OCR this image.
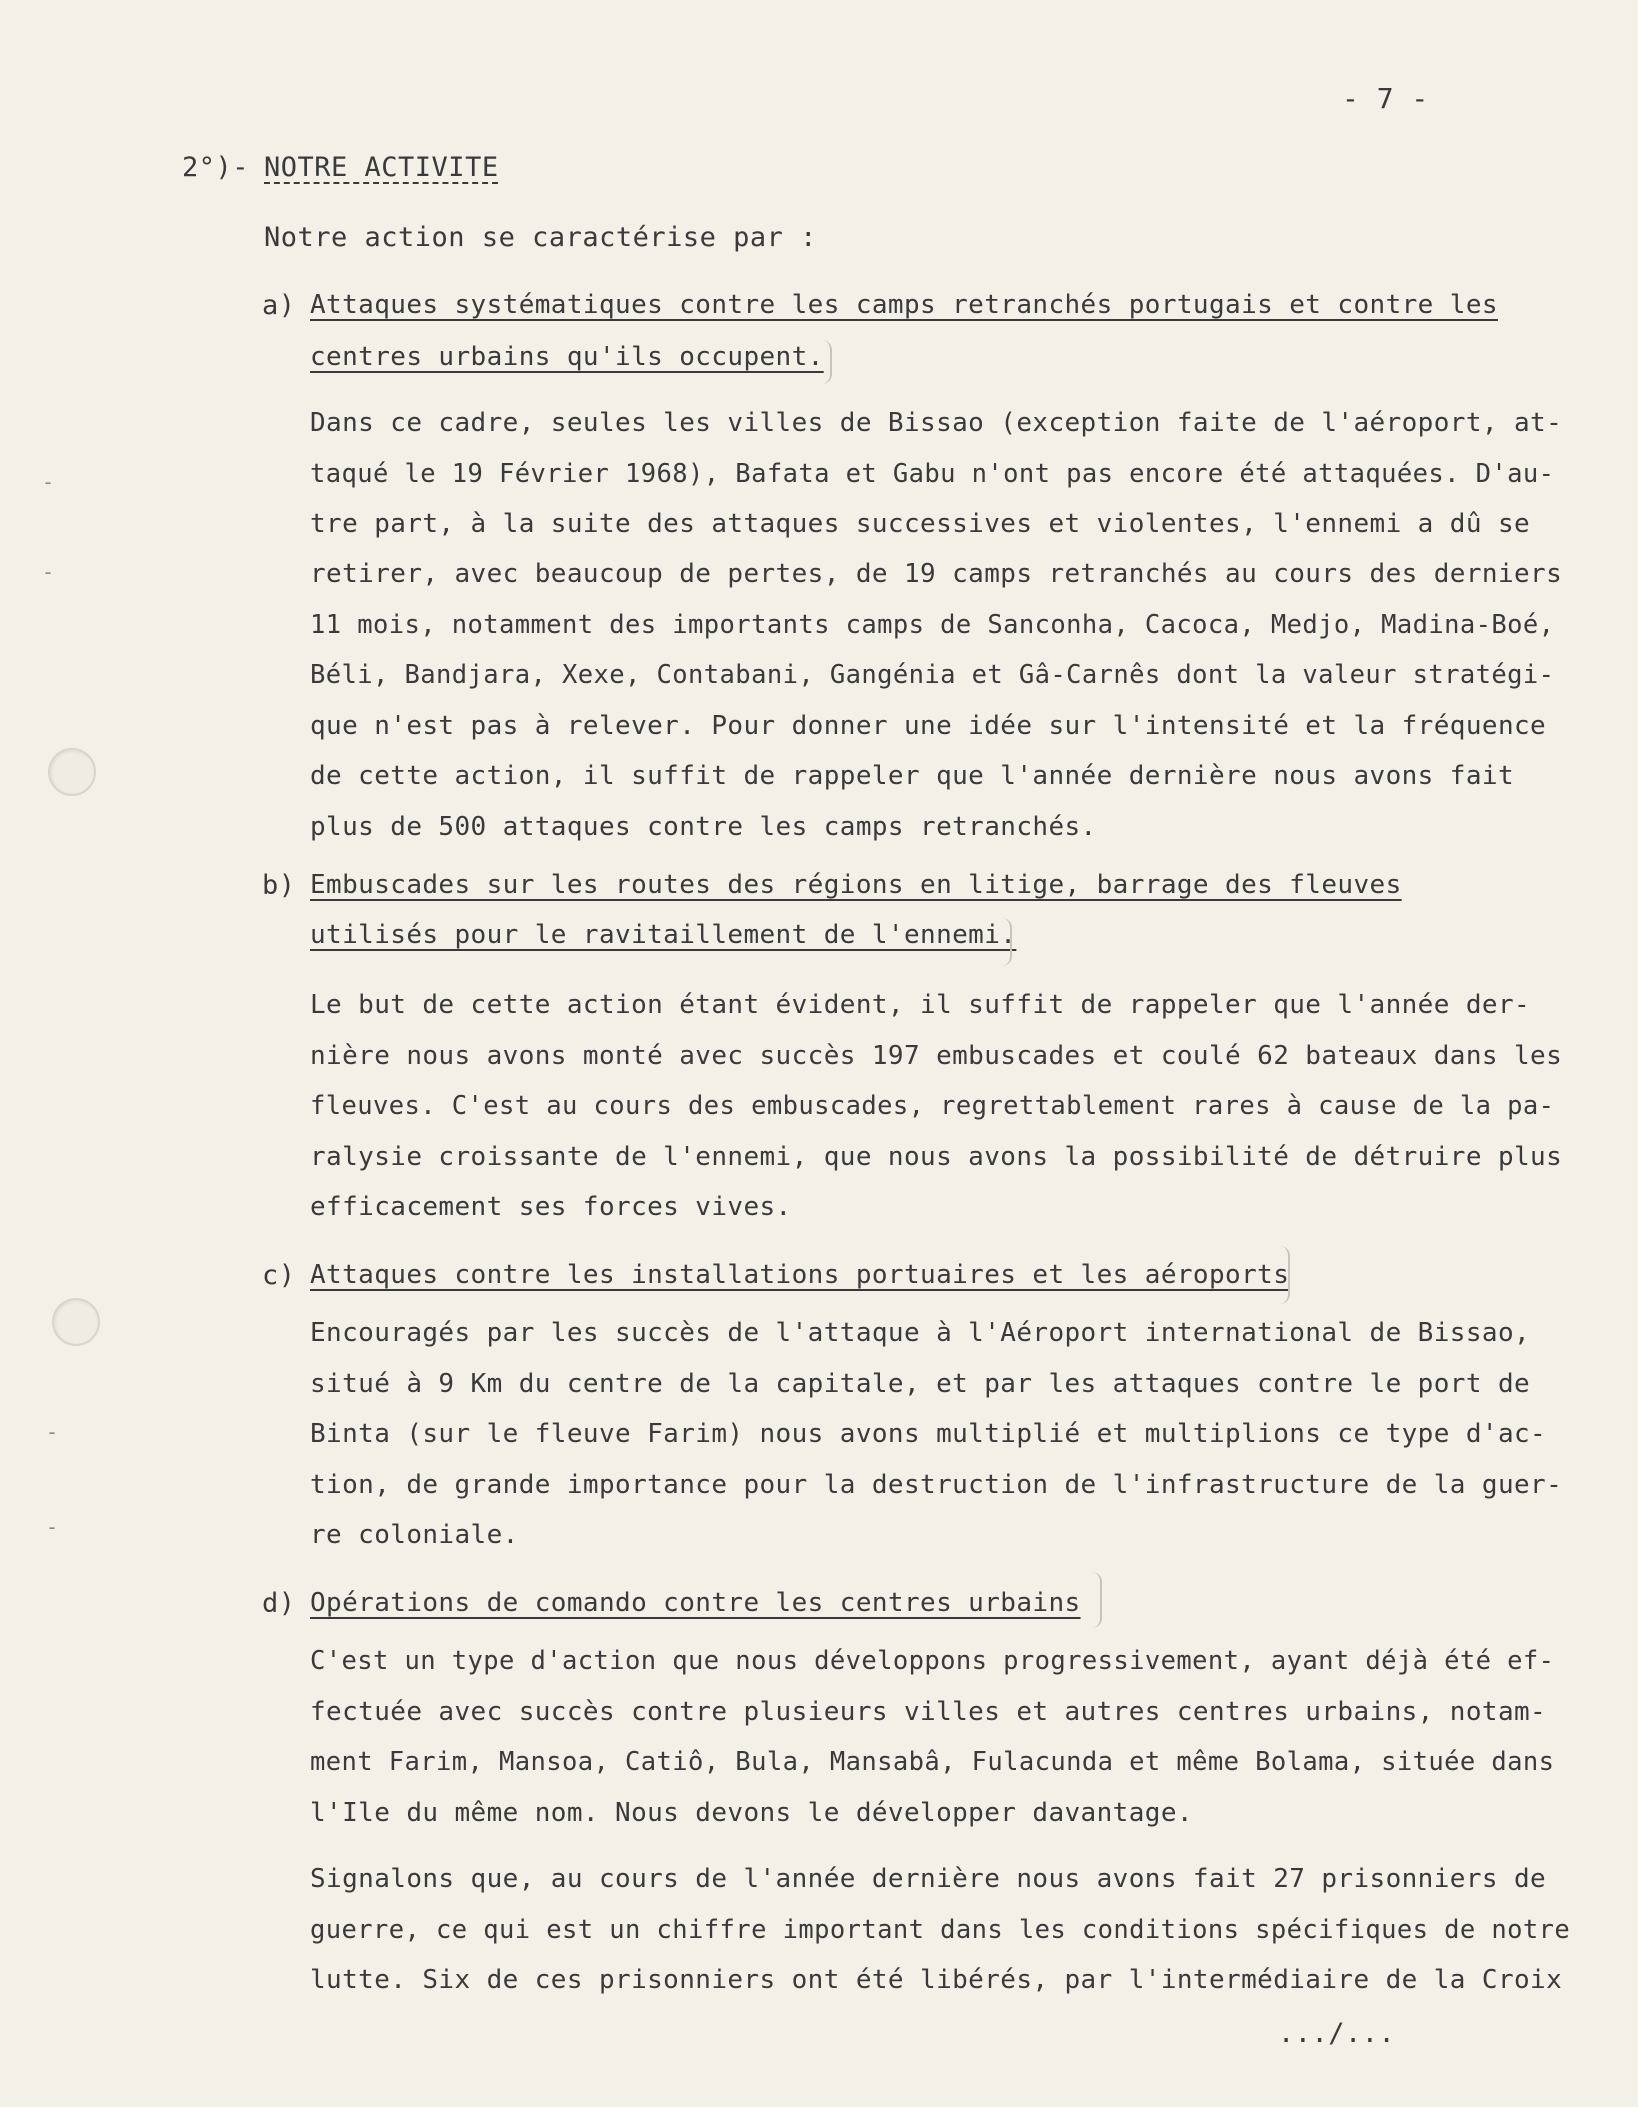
-
-
-
-
- 7 -
2°)- NOTRE ACTIVITE
Notre action se caractérise par :
a) Attaques systématiques contre les camps retranchés portugais et contre les
centres urbains qu'ils occupent.
Dans ce cadre, seules les villes de Bissao (exception faite de l'aéroport, at-
taqué le 19 Février 1968), Bafata et Gabu n'ont pas encore été attaquées. D'au-
tre part, à la suite des attaques successives et violentes, l'ennemi a dû se
retirer, avec beaucoup de pertes, de 19 camps retranchés au cours des derniers
11 mois, notamment des importants camps de Sanconha, Cacoca, Medjo, Madina-Boé,
Béli, Bandjara, Xexe, Contabani, Gangénia et Gâ-Carnês dont la valeur stratégi-
que n'est pas à relever. Pour donner une idée sur l'intensité et la fréquence
de cette action, il suffit de rappeler que l'année dernière nous avons fait
plus de 500 attaques contre les camps retranchés.
b) Embuscades sur les routes des régions en litige, barrage des fleuves
utilisés pour le ravitaillement de l'ennemi.
Le but de cette action étant évident, il suffit de rappeler que l'année der-
nière nous avons monté avec succès 197 embuscades et coulé 62 bateaux dans les
fleuves. C'est au cours des embuscades, regrettablement rares à cause de la pa-
ralysie croissante de l'ennemi, que nous avons la possibilité de détruire plus
efficacement ses forces vives.
c) Attaques contre les installations portuaires et les aéroports
Encouragés par les succès de l'attaque à l'Aéroport international de Bissao,
situé à 9 Km du centre de la capitale, et par les attaques contre le port de
Binta (sur le fleuve Farim) nous avons multiplié et multiplions ce type d'ac-
tion, de grande importance pour la destruction de l'infrastructure de la guer-
re coloniale.
d) Opérations de comando contre les centres urbains
C'est un type d'action que nous développons progressivement, ayant déjà été ef-
fectuée avec succès contre plusieurs villes et autres centres urbains, notam-
ment Farim, Mansoa, Catiô, Bula, Mansabâ, Fulacunda et même Bolama, située dans
l'Ile du même nom. Nous devons le développer davantage.
Signalons que, au cours de l'année dernière nous avons fait 27 prisonniers de
guerre, ce qui est un chiffre important dans les conditions spécifiques de notre
lutte. Six de ces prisonniers ont été libérés, par l'intermédiaire de la Croix
.../...
